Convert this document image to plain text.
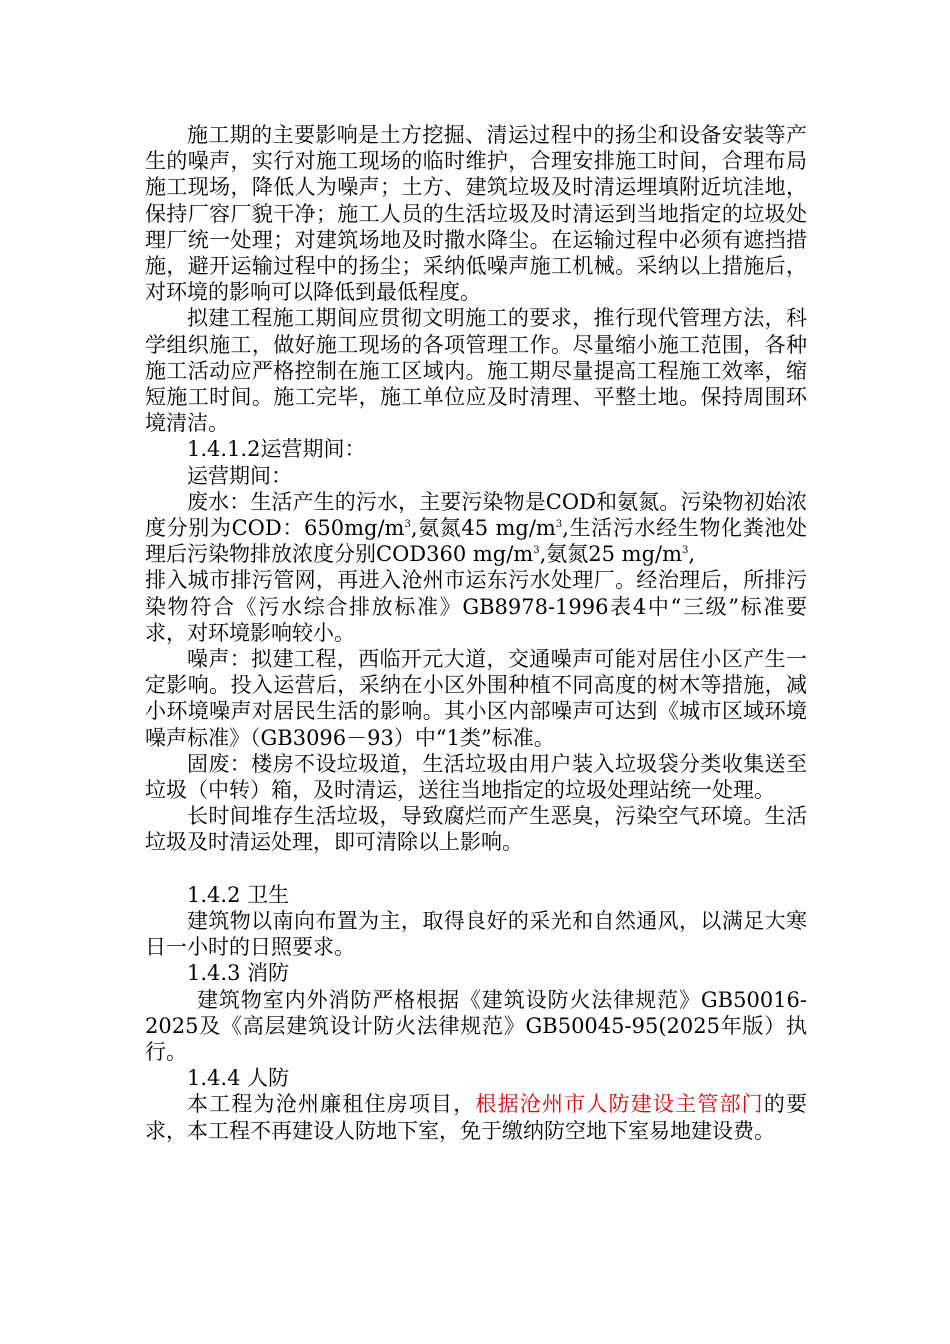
施工期的主要影响是土方挖掘、清运过程中的扬尘和设备安装等产生的噪声，实行对施工现场的临时维护，合理安排施工时间，合理布局施工现场，降低人为噪声；土方、建筑垃圾及时清运埋填附近坑洼地，保持厂容厂貌干净；施工人员的生活垃圾及时清运到当地指定的垃圾处理厂统一处理；对建筑场地及时撒水降尘。在运输过程中必须有遮挡措施，避开运输过程中的扬尘；采纳低噪声施工机械。采纳以上措施后，对环境的影响可以降低到最低程度。

拟建工程施工期间应贯彻文明施工的要求，推行现代管理方法，科学组织施工，做好施工现场的各项管理工作。尽量缩小施工范围，各种施工活动应严格控制在施工区域内。施工期尽量提高工程施工效率，缩短施工时间。施工完毕，施工单位应及时清理、平整土地。保持周围环境清洁。

1.4.1.2运营期间：

运营期间：

废水：生活产生的污水，主要污染物是COD和氨氮。污染物初始浓度分别为COD：$650mg/m^3$,氨氮45 $mg/m^3$,生活污水经生物化粪池处理后污染物排放浓度分别COD360 $mg/m^3$,氨氮25 $mg/m^3$,

排入城市排污管网，再进入沧州市运东污水处理厂。经治理后，所排污染物符合《污水综合排放标准》GB8978-1996表4中“三级”标准要求，对环境影响较小。

噪声：拟建工程，西临开元大道，交通噪声可能对居住小区产生一定影响。投入运营后，采纳在小区外围种植不同高度的树木等措施，减小环境噪声对居民生活的影响。其小区内部噪声可达到《城市区域环境噪声标准》（GB3096－93）中“1类”标准。

固废：楼房不设垃圾道，生活垃圾由用户装入垃圾袋分类收集送至垃圾（中转）箱，及时清运，送往当地指定的垃圾处理站统一处理。

长时间堆存生活垃圾，导致腐烂而产生恶臭，污染空气环境。生活垃圾及时清运处理，即可清除以上影响。

1.4.2 卫生

建筑物以南向布置为主，取得良好的采光和自然通风，以满足大寒日一小时的日照要求。

1.4.3 消防

建筑物室内外消防严格根据《建筑设防火法律规范》GB50016-2025及《高层建筑设计防火法律规范》GB50045-95(2025年版）执行。

1.4.4 人防

本工程为沧州廉租住房项目，根据沧州市人防建设主管部门的要求，本工程不再建设人防地下室，免于缴纳防空地下室易地建设费。
